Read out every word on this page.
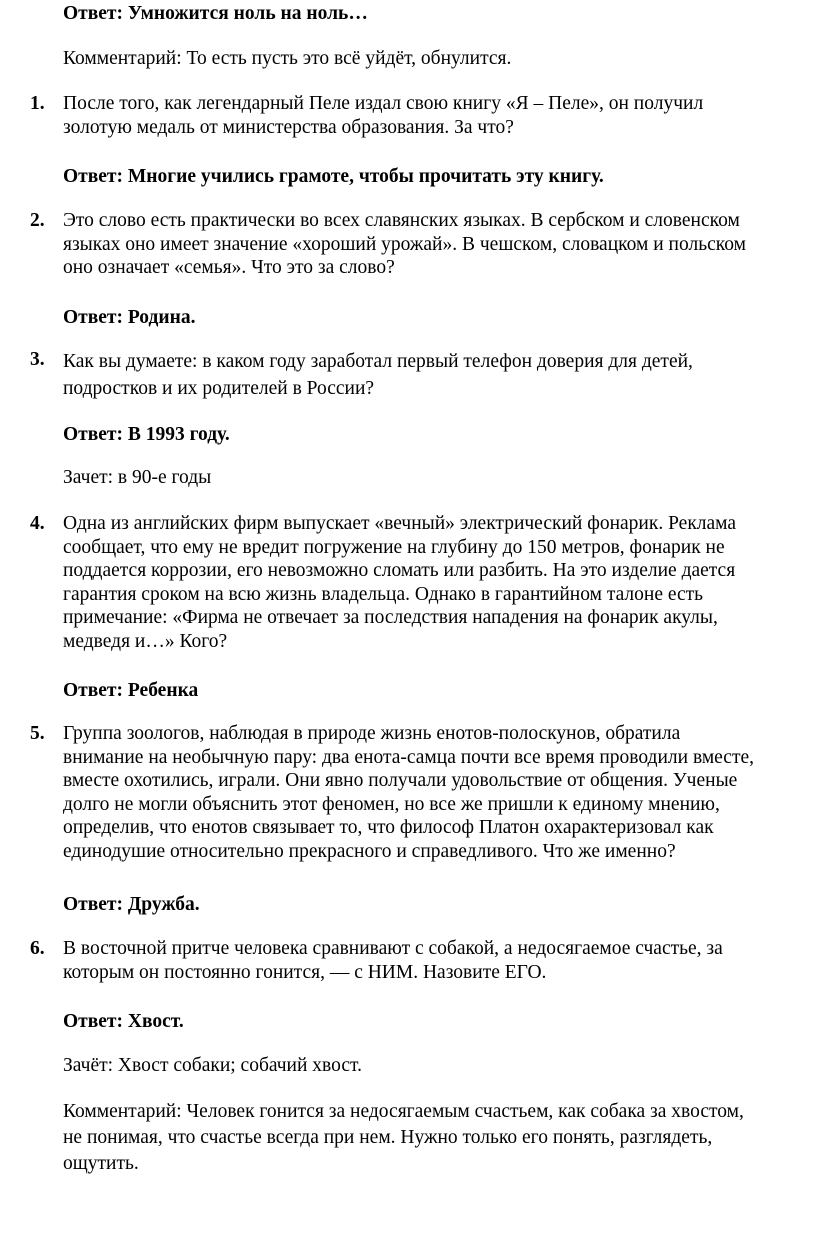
Ответ: Умножится ноль на ноль…
Комментарий: То есть пусть это всё уйдёт, обнулится.
1. После того, как легендарный Пеле издал свою книгу «Я – Пеле», он получил
золотую медаль от министерства образования. За что?
Ответ: Многие учились грамоте, чтобы прочитать эту книгу.
2. Это слово есть практически во всех славянских языках. В сербском и словенском
языках оно имеет значение «хороший урожай». В чешском, словацком и польском
оно означает «семья». Что это за слово?
Ответ: Родина.
3. Как вы думаете: в каком году заработал первый телефон доверия для детей,
подростков и их родителей в России?
Ответ: В 1993 году.
Зачет: в 90-е годы
4. Одна из английских фирм выпускает «вечный» электрический фонарик. Реклама
сообщает, что ему не вредит погружение на глубину до 150 метров, фонарик не
поддается коррозии, его невозможно сломать или разбить. На это изделие дается
гарантия сроком на всю жизнь владельца. Однако в гарантийном талоне есть
примечание: «Фирма не отвечает за последствия нападения на фонарик акулы,
медведя и…» Кого?
Ответ: Ребенка
5. Группа зоологов, наблюдая в природе жизнь енотов-полоскунов, обратила
внимание на необычную пару: два енота-самца почти все время проводили вместе,
вместе охотились, играли. Они явно получали удовольствие от общения. Ученые
долго не могли объяснить этот феномен, но все же пришли к единому мнению,
определив, что енотов связывает то, что философ Платон охарактеризовал как
единодушие относительно прекрасного и справедливого. Что же именно?
Ответ: Дружба.
6. В восточной притче человека сравнивают с собакой, а недосягаемое счастье, за
которым он постоянно гонится, — с НИМ. Назовите ЕГО.
Ответ: Хвост.
Зачёт: Хвост собаки; собачий хвост.
Комментарий: Человек гонится за недосягаемым счастьем, как собака за хвостом,
не понимая, что счастье всегда при нем. Нужно только его понять, разглядеть,
ощутить.
